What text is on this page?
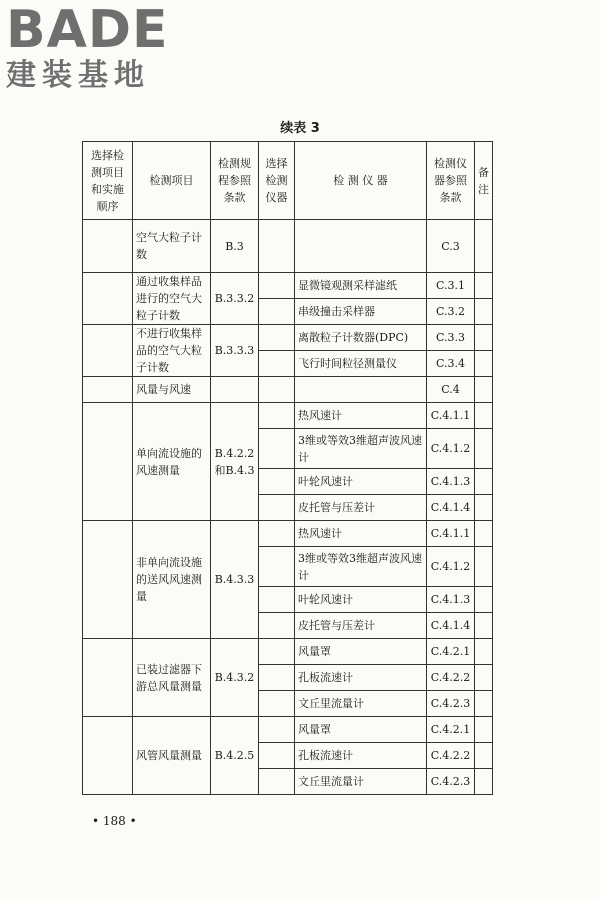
BADE
建装基地
续表 3
选择检测项目和实施顺序	检测项目	检测规程参照条款	选择检测仪器	检 测 仪 器	检测仪器参照条款	备注
	空气大粒子计数	B.3			C.3	
	通过收集样品进行的空气大粒子计数	B.3.3.2		显微镜观测采样滤纸	C.3.1	
				串级撞击采样器	C.3.2	
	不进行收集样品的空气大粒子计数	B.3.3.3		离散粒子计数器(DPC)	C.3.3	
				飞行时间粒径测量仪	C.3.4	
	风量与风速				C.4	
	单向流设施的风速测量	B.4.2.2和B.4.3		热风速计	C.4.1.1	
				3维或等效3维超声波风速计	C.4.1.2	
				叶轮风速计	C.4.1.3	
				皮托管与压差计	C.4.1.4	
	非单向流设施的送风风速测量	B.4.3.3		热风速计	C.4.1.1	
				3维或等效3维超声波风速计	C.4.1.2	
				叶轮风速计	C.4.1.3	
				皮托管与压差计	C.4.1.4	
	已装过滤器下游总风量测量	B.4.3.2		风量罩	C.4.2.1	
				孔板流速计	C.4.2.2	
				文丘里流量计	C.4.2.3	
	风管风量测量	B.4.2.5		风量罩	C.4.2.1	
				孔板流速计	C.4.2.2	
				文丘里流量计	C.4.2.3	
• 188 •
